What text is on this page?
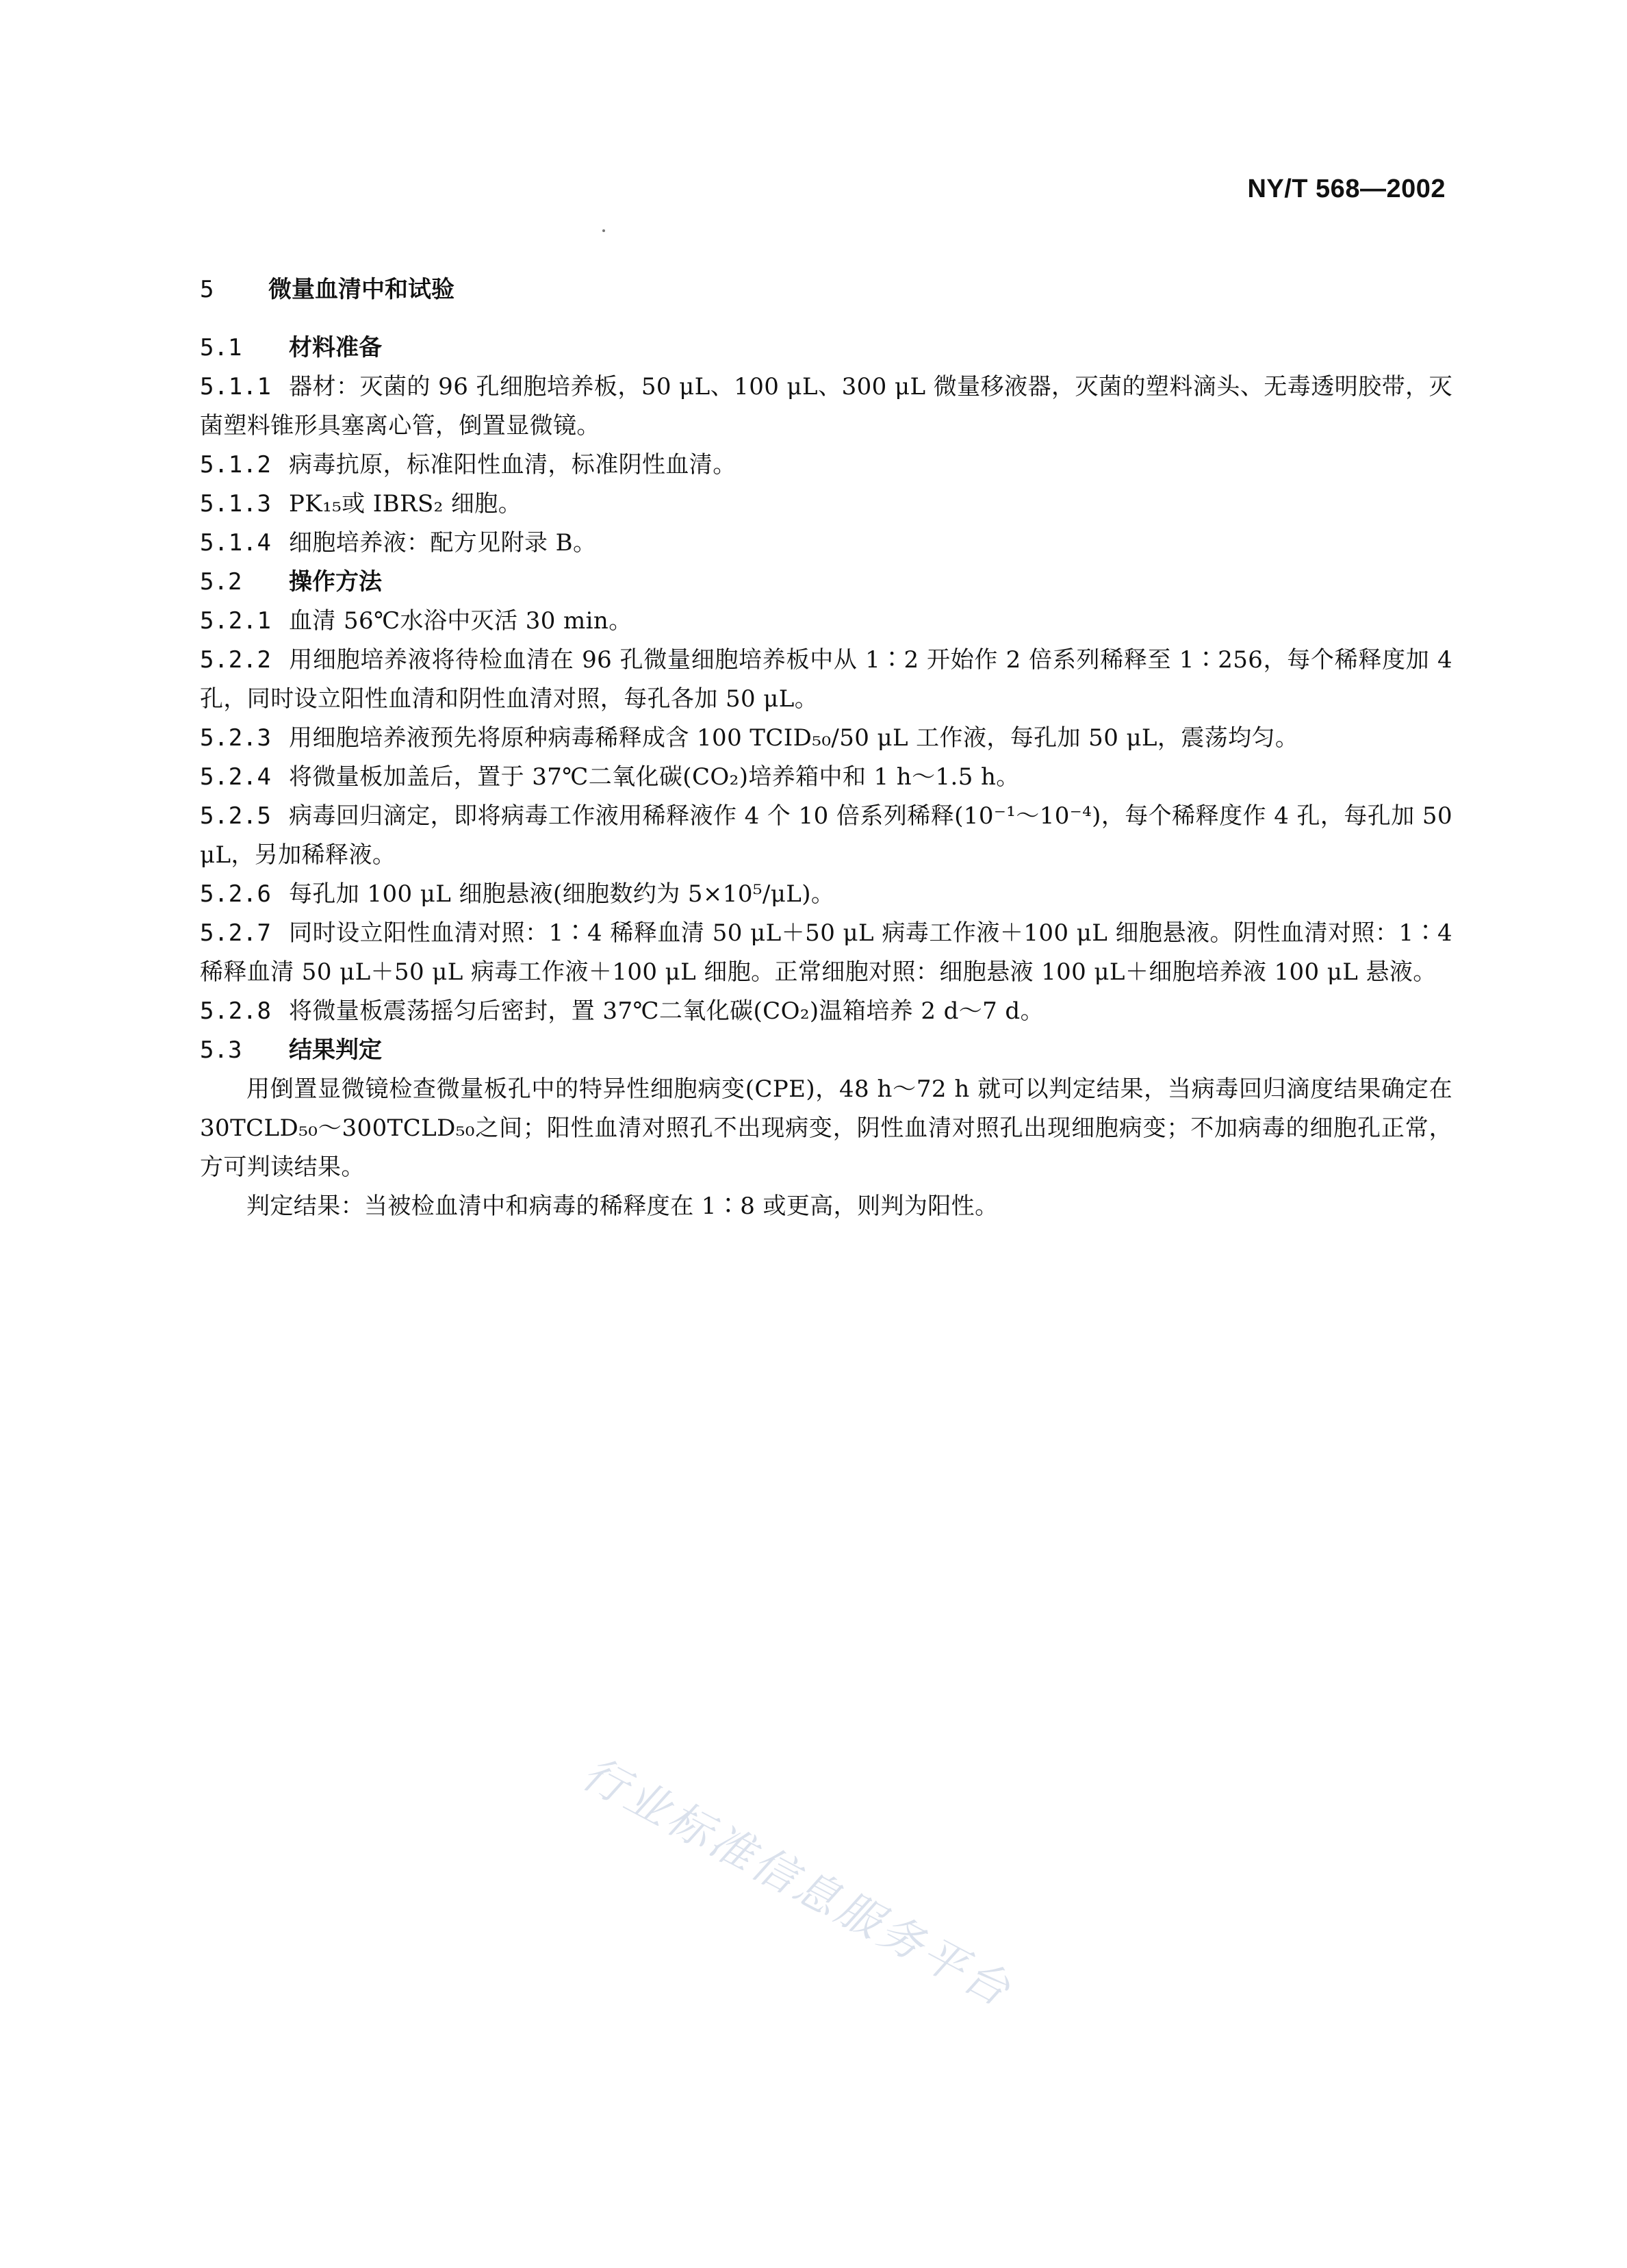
NY/T 568—2002
5 微量血清中和试验
5.1 材料准备
5.1.1 器材：灭菌的 96 孔细胞培养板，50 μL、100 μL、300 μL 微量移液器，灭菌的塑料滴头、无毒透明胶带，灭菌塑料锥形具塞离心管，倒置显微镜。
5.1.2 病毒抗原，标准阳性血清，标准阴性血清。
5.1.3 PK₁₅或 IBRS₂ 细胞。
5.1.4 细胞培养液：配方见附录 B。
5.2 操作方法
5.2.1 血清 56℃水浴中灭活 30 min。
5.2.2 用细胞培养液将待检血清在 96 孔微量细胞培养板中从 1∶2 开始作 2 倍系列稀释至 1∶256，每个稀释度加 4 孔，同时设立阳性血清和阴性血清对照，每孔各加 50 μL。
5.2.3 用细胞培养液预先将原种病毒稀释成含 100 TCID₅₀/50 μL 工作液，每孔加 50 μL，震荡均匀。
5.2.4 将微量板加盖后，置于 37℃二氧化碳(CO₂)培养箱中和 1 h～1.5 h。
5.2.5 病毒回归滴定，即将病毒工作液用稀释液作 4 个 10 倍系列稀释(10⁻¹～10⁻⁴)，每个稀释度作 4 孔，每孔加 50 μL，另加稀释液。
5.2.6 每孔加 100 μL 细胞悬液(细胞数约为 5×10⁵/μL)。
5.2.7 同时设立阳性血清对照：1∶4 稀释血清 50 μL＋50 μL 病毒工作液＋100 μL 细胞悬液。阴性血清对照：1∶4 稀释血清 50 μL＋50 μL 病毒工作液＋100 μL 细胞。正常细胞对照：细胞悬液 100 μL＋细胞培养液 100 μL 悬液。
5.2.8 将微量板震荡摇匀后密封，置 37℃二氧化碳(CO₂)温箱培养 2 d～7 d。
5.3 结果判定
用倒置显微镜检查微量板孔中的特异性细胞病变(CPE)，48 h～72 h 就可以判定结果，当病毒回归滴度结果确定在 30TCLD₅₀～300TCLD₅₀之间；阳性血清对照孔不出现病变，阴性血清对照孔出现细胞病变；不加病毒的细胞孔正常，方可判读结果。
判定结果：当被检血清中和病毒的稀释度在 1∶8 或更高，则判为阳性。
行业标准信息服务平台
